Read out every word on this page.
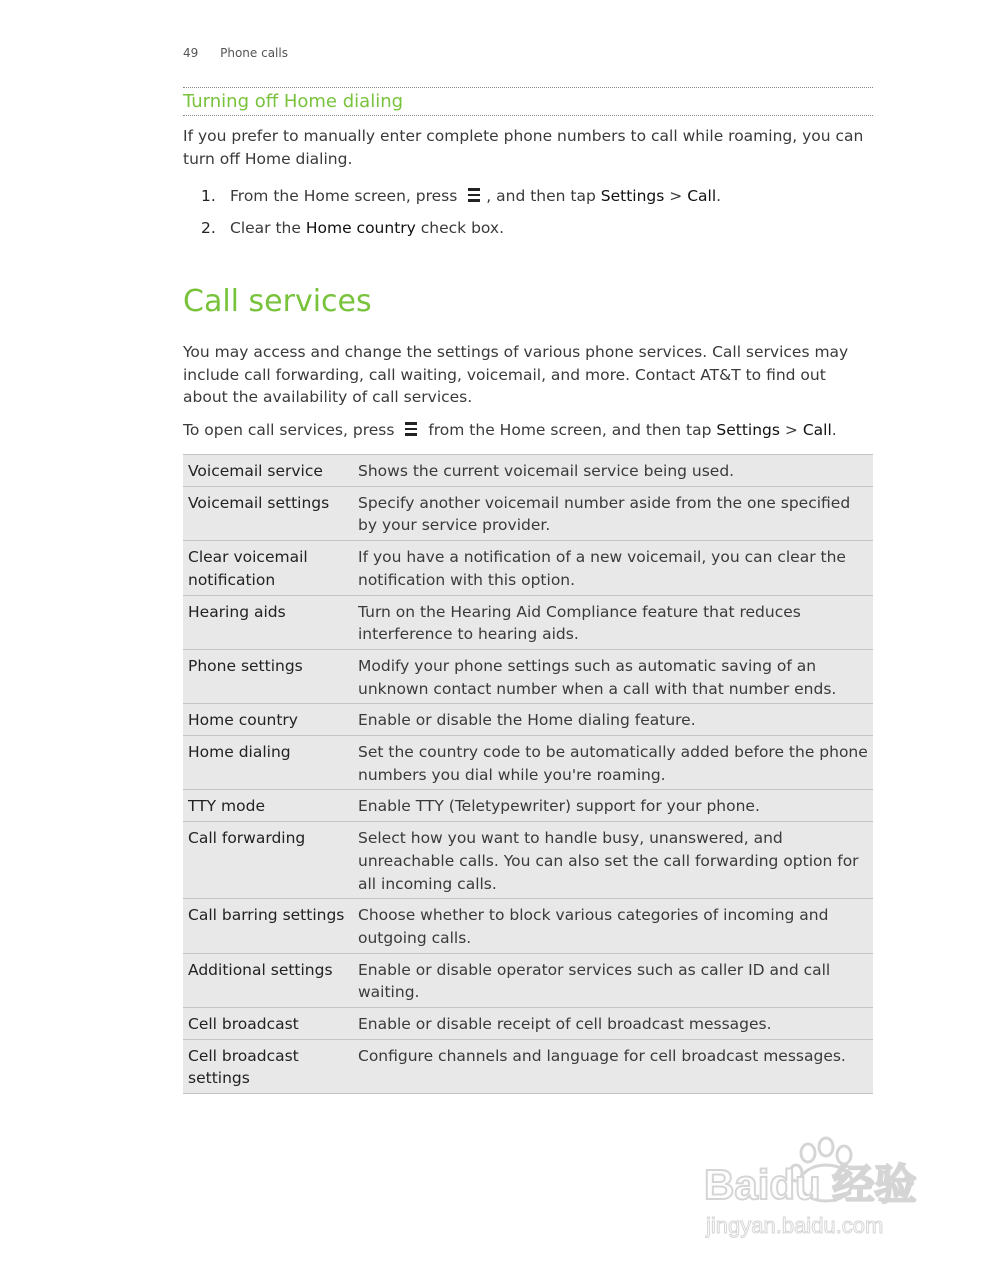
49 Phone calls
Turning off Home dialing

If you prefer to manually enter complete phone numbers to call while roaming, you can turn off Home dialing.

1. From the Home screen, press , and then tap Settings > Call.
2. Clear the Home country check box.
Call services

You may access and change the settings of various phone services. Call services may include call forwarding, call waiting, voicemail, and more. Contact AT&T to find out about the availability of call services.

To open call services, press from the Home screen, and then tap Settings > Call.

Voicemail service	Shows the current voicemail service being used.
Voicemail settings	Specify another voicemail number aside from the one specified by your service provider.
Clear voicemail notification	If you have a notification of a new voicemail, you can clear the notification with this option.
Hearing aids	Turn on the Hearing Aid Compliance feature that reduces interference to hearing aids.
Phone settings	Modify your phone settings such as automatic saving of an unknown contact number when a call with that number ends.
Home country	Enable or disable the Home dialing feature.
Home dialing	Set the country code to be automatically added before the phone numbers you dial while you're roaming.
TTY mode	Enable TTY (Teletypewriter) support for your phone.
Call forwarding	Select how you want to handle busy, unanswered, and unreachable calls. You can also set the call forwarding option for all incoming calls.
Call barring settings	Choose whether to block various categories of incoming and outgoing calls.
Additional settings	Enable or disable operator services such as caller ID and call waiting.
Cell broadcast	Enable or disable receipt of cell broadcast messages.
Cell broadcast settings	Configure channels and language for cell broadcast messages.
Baidu 经验
jingyan.baidu.com
